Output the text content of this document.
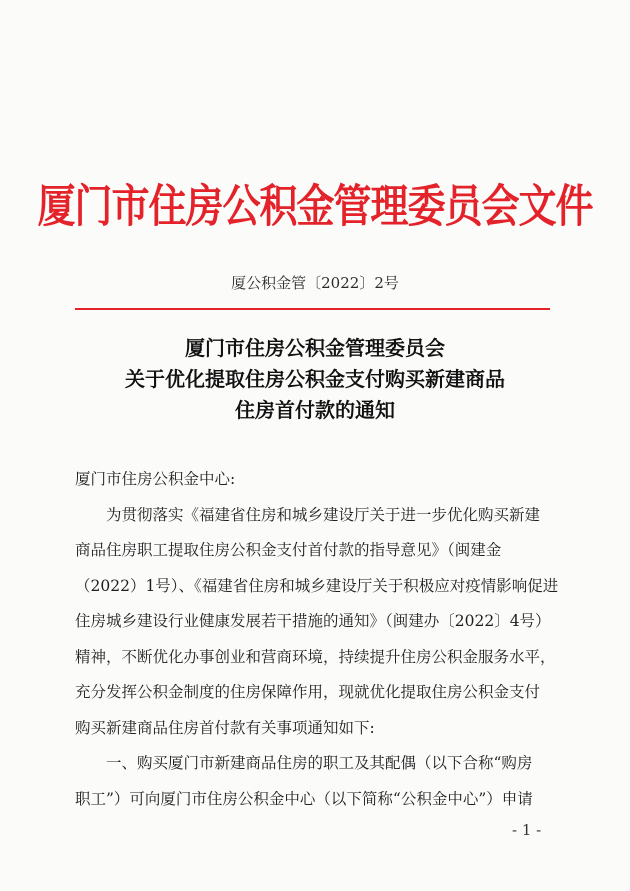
厦门市住房公积金管理委员会文件
厦公积金管〔2022〕2号
厦门市住房公积金管理委员会
关于优化提取住房公积金支付购买新建商品
住房首付款的通知
厦门市住房公积金中心:
为贯彻落实《福建省住房和城乡建设厅关于进一步优化购买新建
商品住房职工提取住房公积金支付首付款的指导意见》（闽建金
（2022）1号）、《福建省住房和城乡建设厅关于积极应对疫情影响促进
住房城乡建设行业健康发展若干措施的通知》（闽建办〔2022〕4号）
精神，不断优化办事创业和营商环境，持续提升住房公积金服务水平，
充分发挥公积金制度的住房保障作用，现就优化提取住房公积金支付
购买新建商品住房首付款有关事项通知如下:
一、购买厦门市新建商品住房的职工及其配偶（以下合称“购房
职工”）可向厦门市住房公积金中心（以下简称“公积金中心”）申请
- 1 -
